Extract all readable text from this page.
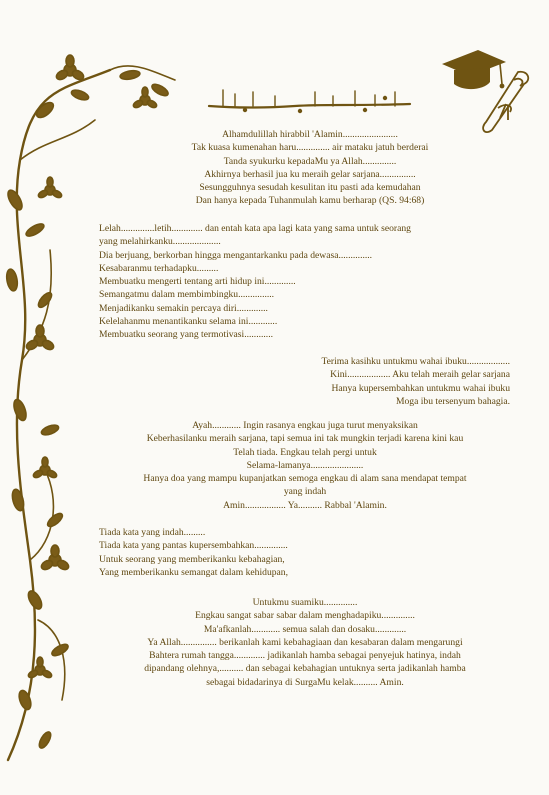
Alhamdulillah hirabbil 'Alamin.......................

Tak kuasa kumenahan haru.............. air mataku jatuh berderai

Tanda syukurku kepadaMu ya Allah..............

Akhirnya berhasil jua ku meraih gelar sarjana...............

Sesungguhnya sesudah kesulitan itu pasti ada kemudahan

Dan hanya kepada Tuhanmulah kamu berharap (QS. 94:68)

Lelah..............letih............. dan entah kata apa lagi kata yang sama untuk seorang

yang melahirkanku....................

Dia berjuang, berkorban hingga mengantarkanku pada dewasa..............

Kesabaranmu terhadapku.........

Membuatku mengerti tentang arti hidup ini.............

Semangatmu dalam membimbingku...............

Menjadikanku semakin percaya diri.............

Kelelahanmu menantikanku selama ini............

Membuatku seorang yang termotivasi............

Terima kasihku untukmu wahai ibuku..................

Kini.................. Aku telah meraih gelar sarjana

Hanya kupersembahkan untukmu wahai ibuku

Moga ibu tersenyum bahagia.

Ayah............ Ingin rasanya engkau juga turut menyaksikan

Keberhasilanku meraih sarjana, tapi semua ini tak mungkin terjadi karena kini kau

Telah tiada. Engkau telah pergi untuk

Selama-lamanya......................

Hanya doa yang mampu kupanjatkan semoga engkau di alam sana mendapat tempat

yang indah

Amin................. Ya.......... Rabbal 'Alamin.

Tiada kata yang indah.........

Tiada kata yang pantas kupersembahkan..............

Untuk seorang yang memberikanku kebahagian,

Yang memberikanku semangat dalam kehidupan,

Untukmu suamiku..............

Engkau sangat sabar sabar dalam menghadapiku..............

Ma'afkanlah............ semua salah dan dosaku.............

Ya Allah............... berikanlah kami kebahagiaan dan kesabaran dalam mengarungi

Bahtera rumah tangga............. jadikanlah hamba sebagai penyejuk hatinya, indah

dipandang olehnya,.......... dan sebagai kebahagian untuknya serta jadikanlah hamba

sebagai bidadarinya di SurgaMu kelak.......... Amin.
